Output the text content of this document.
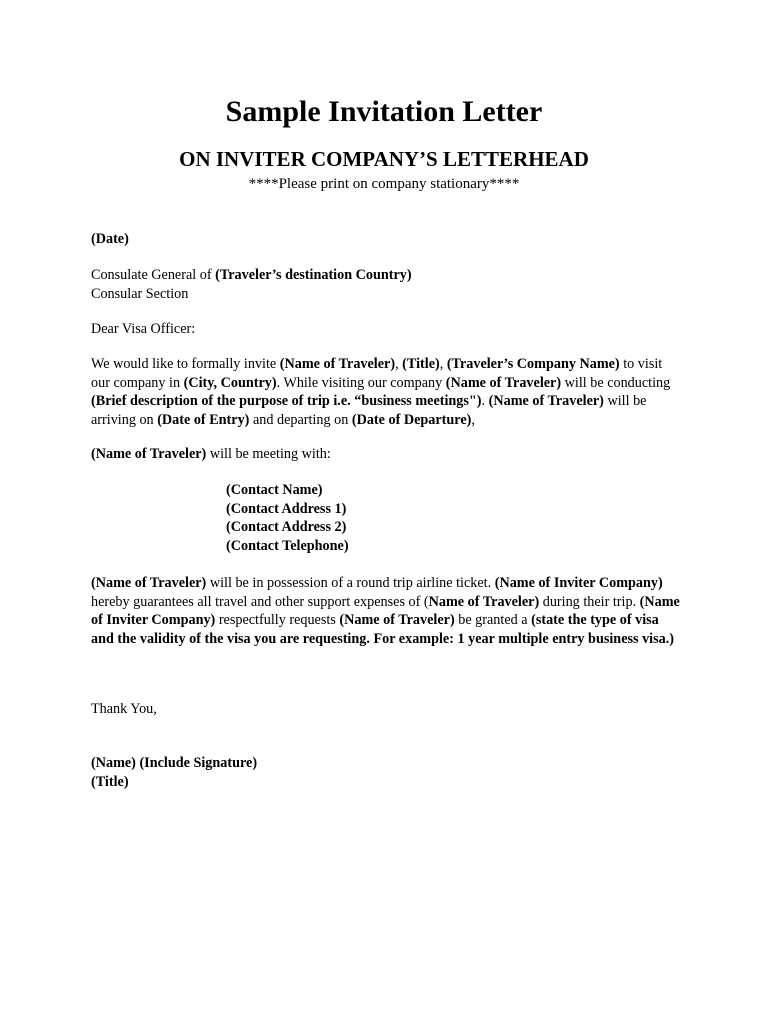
Sample Invitation Letter
ON INVITER COMPANY’S LETTERHEAD
****Please print on company stationary****
(Date)

Consulate General of (Traveler’s destination Country)

Consular Section

Dear Visa Officer:

We would like to formally invite (Name of Traveler), (Title), (Traveler’s Company Name) to visit our company in (City, Country). While visiting our company (Name of Traveler) will be conducting (Brief description of the purpose of trip i.e. “business meetings"). (Name of Traveler) will be arriving on (Date of Entry) and departing on (Date of Departure),

(Name of Traveler) will be meeting with:

(Contact Name)

(Contact Address 1)

(Contact Address 2)

(Contact Telephone)

(Name of Traveler) will be in possession of a round trip airline ticket. (Name of Inviter Company) hereby guarantees all travel and other support expenses of (Name of Traveler) during their trip. (Name of Inviter Company) respectfully requests (Name of Traveler) be granted a (state the type of visa and the validity of the visa you are requesting. For example: 1 year multiple entry business visa.)

Thank You,

(Name) (Include Signature)

(Title)
